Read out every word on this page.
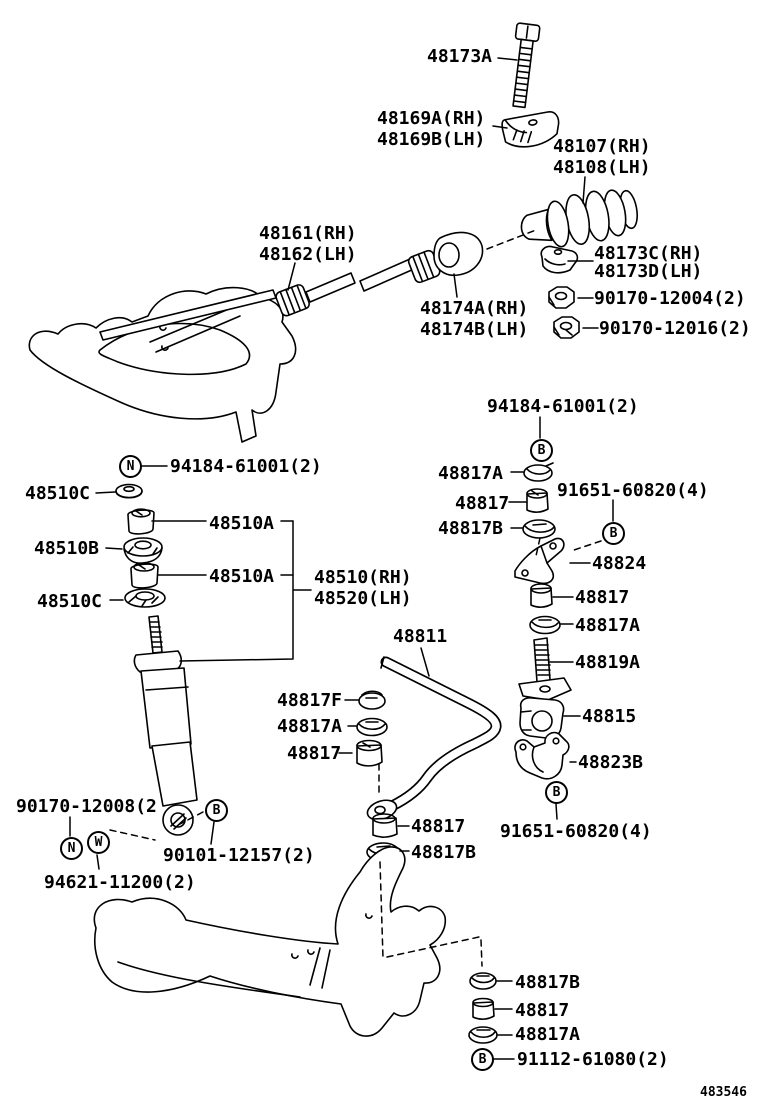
48173A
48169A(RH)
48169B(LH)	48107(RH)
48108(LH)
48161(RH)
48162(LH)
48174A(RH)
48174B(LH)
48173C(RH)
48173D(LH)
90170-12004(2)
90170-12016(2)
94184-61001(2)
94184-61001(2)
48510C
48510A
48510B
48510A
48510C
48510(RH)
48520(LH)
48817A
48817
91651-60820(4)
48817B
48824
48817
48817A
48819A
48811
48815
48823B
91651-60820(4)
48817F
48817A
48817
90170-12008(2
90101-12157(2)
94621-11200(2)
48817
48817B
48817B
48817
48817A
91112-61080(2)
B
B
B
N
N	W
B
B
483546
